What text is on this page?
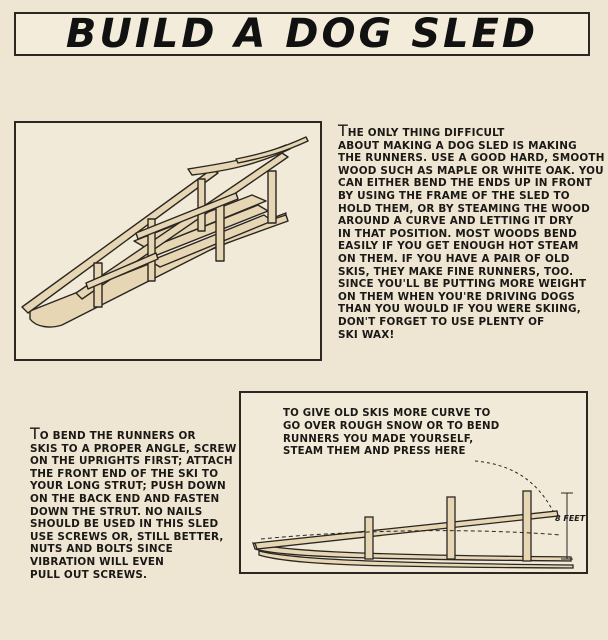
BUILD A DOG SLED
THE ONLY THING DIFFICULT
ABOUT MAKING A DOG SLED IS MAKING
THE RUNNERS. USE A GOOD HARD, SMOOTH
WOOD SUCH AS MAPLE OR WHITE OAK. YOU
CAN EITHER BEND THE ENDS UP IN FRONT
BY USING THE FRAME OF THE SLED TO
HOLD THEM, OR BY STEAMING THE WOOD
AROUND A CURVE AND LETTING IT DRY
IN THAT POSITION. MOST WOODS BEND
EASILY IF YOU GET ENOUGH HOT STEAM
ON THEM. IF YOU HAVE A PAIR OF OLD
SKIS, THEY MAKE FINE RUNNERS, TOO.
SINCE YOU'LL BE PUTTING MORE WEIGHT
ON THEM WHEN YOU'RE DRIVING DOGS
THAN YOU WOULD IF YOU WERE SKIING,
DON'T FORGET TO USE PLENTY OF
SKI WAX!
TO BEND THE RUNNERS OR
SKIS TO A PROPER ANGLE, SCREW
ON THE UPRIGHTS FIRST; ATTACH
THE FRONT END OF THE SKI TO
YOUR LONG STRUT; PUSH DOWN
ON THE BACK END AND FASTEN
DOWN THE STRUT. NO NAILS
SHOULD BE USED IN THIS SLED
USE SCREWS OR, STILL BETTER,
NUTS AND BOLTS SINCE
VIBRATION WILL EVEN
PULL OUT SCREWS.
8 FEET
TO GIVE OLD SKIS MORE CURVE TO
GO OVER ROUGH SNOW OR TO BEND
RUNNERS YOU MADE YOURSELF,
STEAM THEM AND PRESS HERE
